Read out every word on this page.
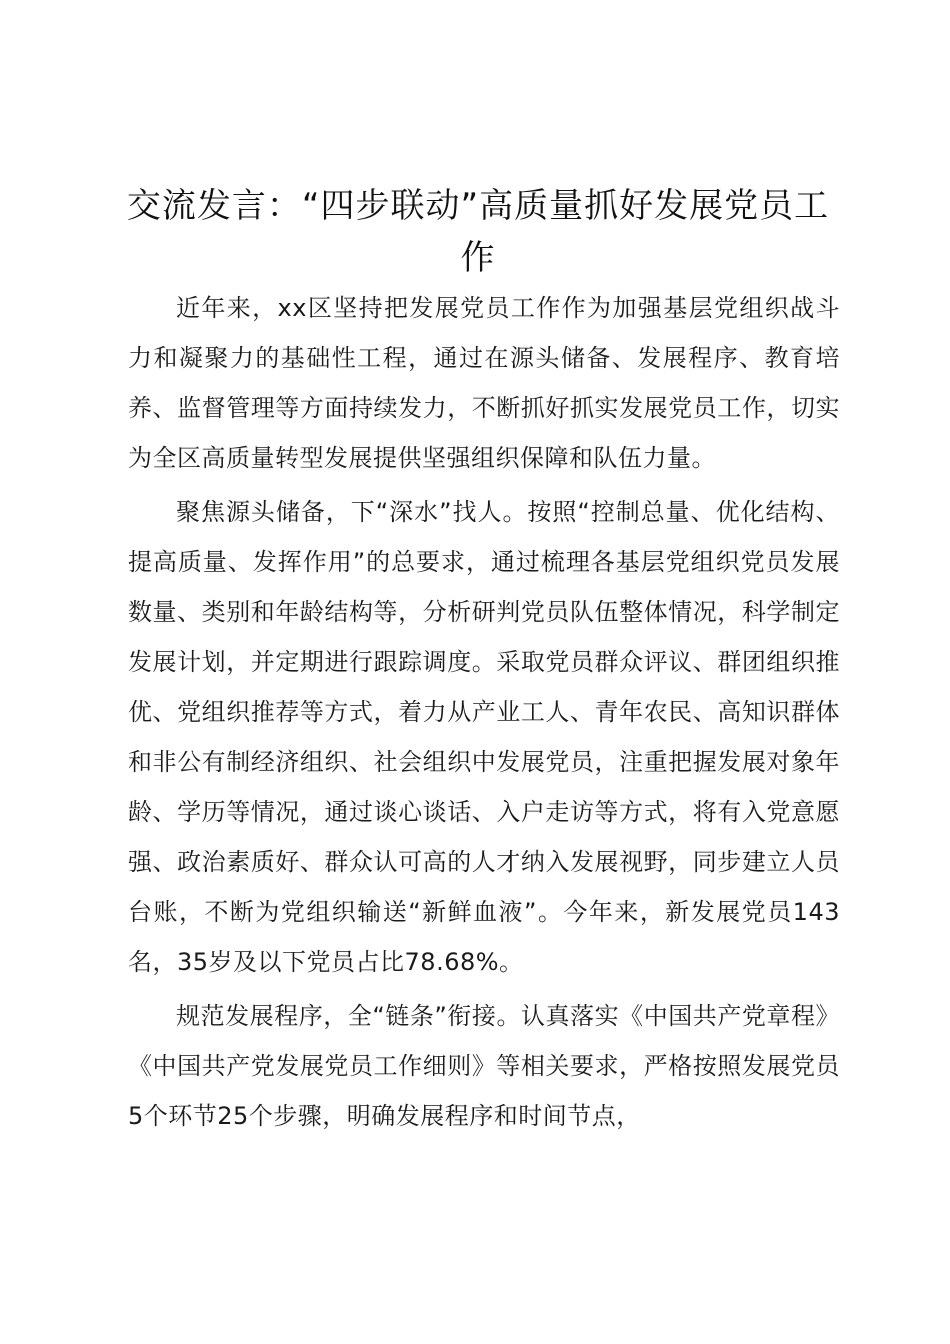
交流发言：“四步联动”高质量抓好发展党员工作

近年来，xx区坚持把发展党员工作作为加强基层党组织战斗力和凝聚力的基础性工程，通过在源头储备、发展程序、教育培养、监督管理等方面持续发力，不断抓好抓实发展党员工作，切实为全区高质量转型发展提供坚强组织保障和队伍力量。

聚焦源头储备，下“深水”找人。按照“控制总量、优化结构、提高质量、发挥作用”的总要求，通过梳理各基层党组织党员发展数量、类别和年龄结构等，分析研判党员队伍整体情况，科学制定发展计划，并定期进行跟踪调度。采取党员群众评议、群团组织推优、党组织推荐等方式，着力从产业工人、青年农民、高知识群体和非公有制经济组织、社会组织中发展党员，注重把握发展对象年龄、学历等情况，通过谈心谈话、入户走访等方式，将有入党意愿强、政治素质好、群众认可高的人才纳入发展视野，同步建立人员台账，不断为党组织输送“新鲜血液”。今年来，新发展党员143名，35岁及以下党员占比78.68%。

规范发展程序，全“链条”衔接。认真落实《中国共产党章程》《中国共产党发展党员工作细则》等相关要求，严格按照发展党员5个环节25个步骤，明确发展程序和时间节点，
